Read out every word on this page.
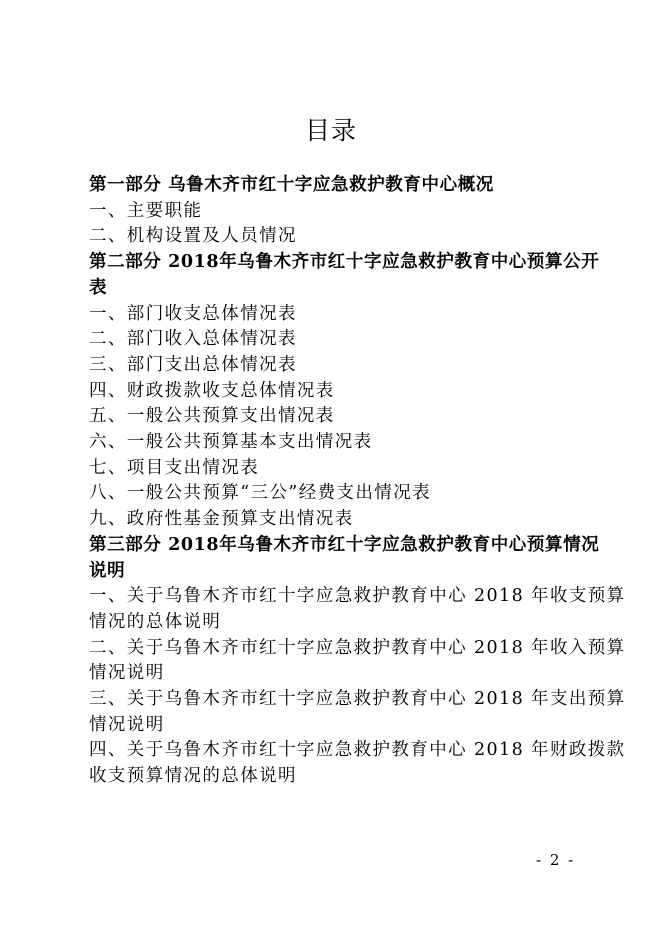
目录
第一部分 乌鲁木齐市红十字应急救护教育中心概况
一、主要职能
二、机构设置及人员情况
第二部分 2018年乌鲁木齐市红十字应急救护教育中心预算公开
表
一、部门收支总体情况表
二、部门收入总体情况表
三、部门支出总体情况表
四、财政拨款收支总体情况表
五、一般公共预算支出情况表
六、一般公共预算基本支出情况表
七、项目支出情况表
八、一般公共预算“三公”经费支出情况表
九、政府性基金预算支出情况表
第三部分 2018年乌鲁木齐市红十字应急救护教育中心预算情况
说明
一、关于乌鲁木齐市红十字应急救护教育中心 2018 年收支预算
情况的总体说明
二、关于乌鲁木齐市红十字应急救护教育中心 2018 年收入预算
情况说明
三、关于乌鲁木齐市红十字应急救护教育中心 2018 年支出预算
情况说明
四、关于乌鲁木齐市红十字应急救护教育中心 2018 年财政拨款
收支预算情况的总体说明
- 2 -
